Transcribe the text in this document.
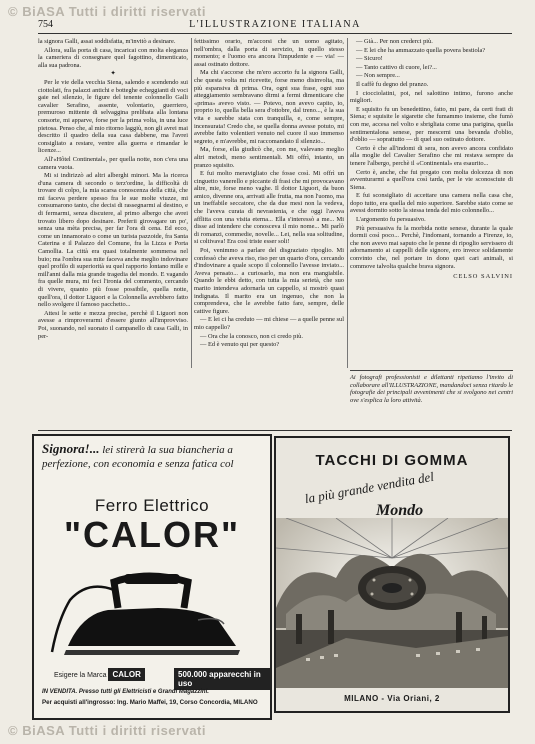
© BiASA Tutti i diritti riservati
754	L'ILLUSTRAZIONE ITALIANA

la signora Galli, assai soddisfatta, m'invitò a desinare.

Allora, sulla porta di casa, incaricai con molta eleganza la cameriera di consegnare quel fagottino, dimenticato, alla sua padrona.

✦

Per le vie della vecchia Siena, salendo e scendendo sui ciottolati, fra palazzi antichi e botteghe echeggianti di voci gaie nel silenzio, le figure del tenente colonnello Galli cavalier Serafino, assente, volontario, guerriero, premuroso mittente di selvaggina prelibata alla lontana consorte, mi apparve, forse per la prima volta, in una luce pietosa. Penso che, al mio ritorno laggiù, non gli avrei mai descritto il quadro della sua casa dabbene, ma l'avrei consigliato a restare, ventre alla guerra e rimandar le licenze...

All'«Hôtel Continental», per quella notte, non c'era una camera vuota.

Mi si indirizzò ad altri alberghi minori. Ma la ricerca d'una camera di secondo o terz'ordine, la difficoltà di trovare di colpo, la mia scarsa conoscenza della città, che mi faceva perdere spesso fra le sue molte viuzze, mi consumarono tanto, che decisi di rassegnarmi al destino, e di fermarmi, senza discutere, al primo albergo che avrei trovato libero dopo desinare. Preferii girovagare un po', senza una mèta precisa, per far l'ora di cena. Ed ecco, come un innamorato o come un turista pazzoide, fra Santa Caterina e il Palazzo del Comune, fra la Lizza e Porta Camollia. La città era quasi totalmente sommersa nel buio; ma l'ombra sua mite faceva anche meglio indovinare quel profilo di superiorità su quel rapporto lontano mille e mill'anni dalla mia grande tragedia del mondo. E vagando fra quelle mura, mi feci l'ironia del commento, cercando di vivere, quanto più fosse possibile, quella notte, quell'ora, il dottor Liguori e la Colonnella avrebbero fatto nello svolgere il famoso pacchetto...

Attesi le sette e mezza precise, perchè il Liguori non avesse a rimproverarmi d'essere giunto all'improvviso. Poi, suonando, nel suonato il campanello di casa Galli, in per-

fettissimo orario, m'accorsi che un uomo agitato, nell'ombra, dalla porta di servizio, in quello stesso momento; e l'uomo era ancora l'impudente e — via! — assai ostinato dottore.

Ma chi s'accorse che m'ero accorto fu la signora Galli, che questa volta mi ricevette, forse meno disinvolta, ma più espansiva di prima. Ora, ogni sua frase, ogni suo atteggiamento sembravano dirmi a fermi dimenticare che «prima» avevo visto. — Potevo, non avevo capito, io, proprio io, quella bella sera d'ottobre, dal treno..., è la sua vita e sarebbe stata con tranquilla, e, come sempre, incensurata! Credo che, se quella donna avesse potuto, mi avrebbe fatto volentieri venuto nel cuore il suo immenso segreto, e m'avrebbe, mi raccomandato il silenzio...

Ma, forse, ella giudicò che, con me, valevano meglio altri metodi, meno sentimentali. Mi offrì, intanto, un pranzo squisito.

E fui molto meravigliato che fosse così. Mi offrì un cinguetto vanerello e piccante di frasi che mi provocavano altre, mie, forse meno vaghe. Il dottor Liguori, da buon amico, divenne ora, arrivati alle frutta, ma non l'uomo, ma un ineffabile seccatore, che da due mesi non la vedeva, che l'aveva curata di nevrastenia, e che oggi l'aveva afflitta con una visita eterna... Ella s'interessò a me... Mi disse ad intendere che conosceva il mio nome... Mi parlò di romanzi, commedie, novelle... Lei, nella sua solitudine, si coltivava! Era così triste esser soli!

Poi, venimmo a parlare del disgraziato ripoglio. Mi confessò che aveva riso, riso per un quarto d'ora, cercando d'indovinare a quale scopo il colonnello l'avesse inviato... Aveva pensato... a curiosarlo, ma non era mangiabile. Quando le ebbi detto, con tutta la mia serietà, che suo marito intendeva adornarla un cappello, si mostrò quasi indignata. Il marito era un ingenuo, che non la comprendeva, che le avrebbe fatto fare, sempre, delle cattive figure.

— E lei ci ha creduto — mi chiese — a quelle penne sul mio cappello?

— Ora che la conosco, non ci credo più.

— Ed è venuto qui per questo?

— Già... Per non crederci più.

— E lei che ha ammazzato quella povera bestiola?

— Sicuro!

— Tanto cattivo di cuore, lei?...

— Non sempre...

Il caffè fu degno del pranzo.

I ciocciolatini, poi, nel salottino intimo, furono anche migliori.

E squisito fu un benedettino, fatto, mi pare, da certi frati di Siena; e squisite le sigarette che fumammo insieme, che fumò con me, accesa nel volto e sbrigliata come una parigina, quella sentimentalona senese, per mescerni una bevanda d'oblio, d'oblio — soprattutto — di quel suo ostinato dottore.

Certo è che all'indomi di sera, non avevo ancora confidato alla moglie del Cavalier Serafino che mi restava sempre da tenere l'albergo, perchè il «Continental» era esaurito...

Certo è, anche, che fui pregato con molta dolcezza di non avventurarmi a quell'ora così tarda, per le vie sconosciute di Siena.

E fui sconsigliato di accettare una camera nella casa che, dopo tutto, era quella del mio superiore. Sarebbe stato come se avessi dormito sotto la stessa tenda del mio colonnello...

L'argomento fu persuasivo.

Più persuasiva fu la morbida notte senese, durante la quale dormii così poco... Perchè, l'indomani, tornando a Firenze, io, che non avevo mai saputo che le penne di ripoglio servissero di adornamento ai cappelli delle signore, ero invece solidamente convinto che, nel portare in dono quei cari animali, si commove talvolta qualche brava signora.

CELSO SALVINI
Ai fotografi professionisti e dilettanti ripetiamo l'invito di collaborare all'ILLUSTRAZIONE, mandandoci senza ritardo le fotografie dei principali avvenimenti che si svolgono nei centri ove s'esplica la loro attività.
Signora!... lei stirerà la sua biancheria a perfezione, con economia e senza fatica col
Ferro Elettrico
"CALOR"
Esigere la Marca CALOR	500.000 apparecchi in uso
IN VENDITA. Presso tutti gli Elettricisti e Grandi Magazzini.
Per acquisti all'ingrosso: Ing. Mario Maffei, 19, Corso Concordia, MILANO
TACCHI DI GOMMA
la più grande vendita del
Mondo
MILANO - Via Oriani, 2
© BiASA Tutti i diritti riservati
